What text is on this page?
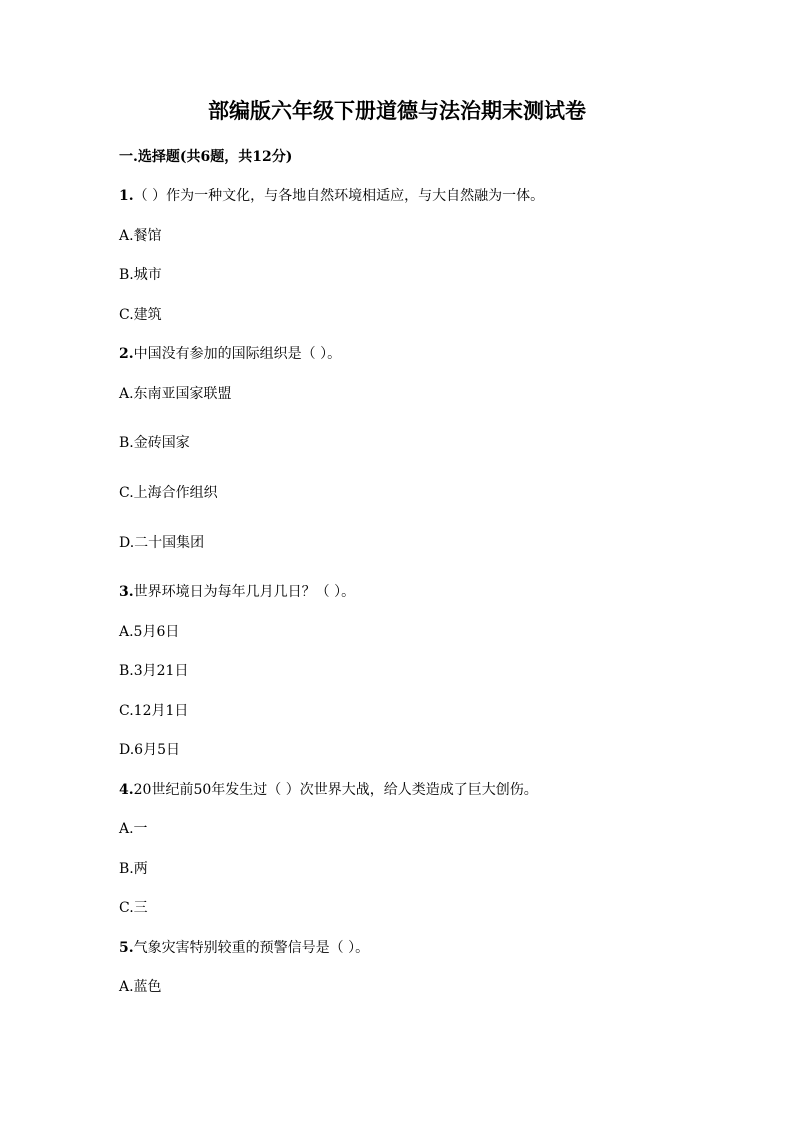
部编版六年级下册道德与法治期末测试卷
一.选择题(共6题，共12分)
1.（ ）作为一种文化，与各地自然环境相适应，与大自然融为一体。
A.餐馆
B.城市
C.建筑
2.中国没有参加的国际组织是（ ）。
A.东南亚国家联盟
B.金砖国家
C.上海合作组织
D.二十国集团
3.世界环境日为每年几月几日？（ ）。
A.5月6日
B.3月21日
C.12月1日
D.6月5日
4.20世纪前50年发生过（ ）次世界大战，给人类造成了巨大创伤。
A.一
B.两
C.三
5.气象灾害特别较重的预警信号是（ ）。
A.蓝色
